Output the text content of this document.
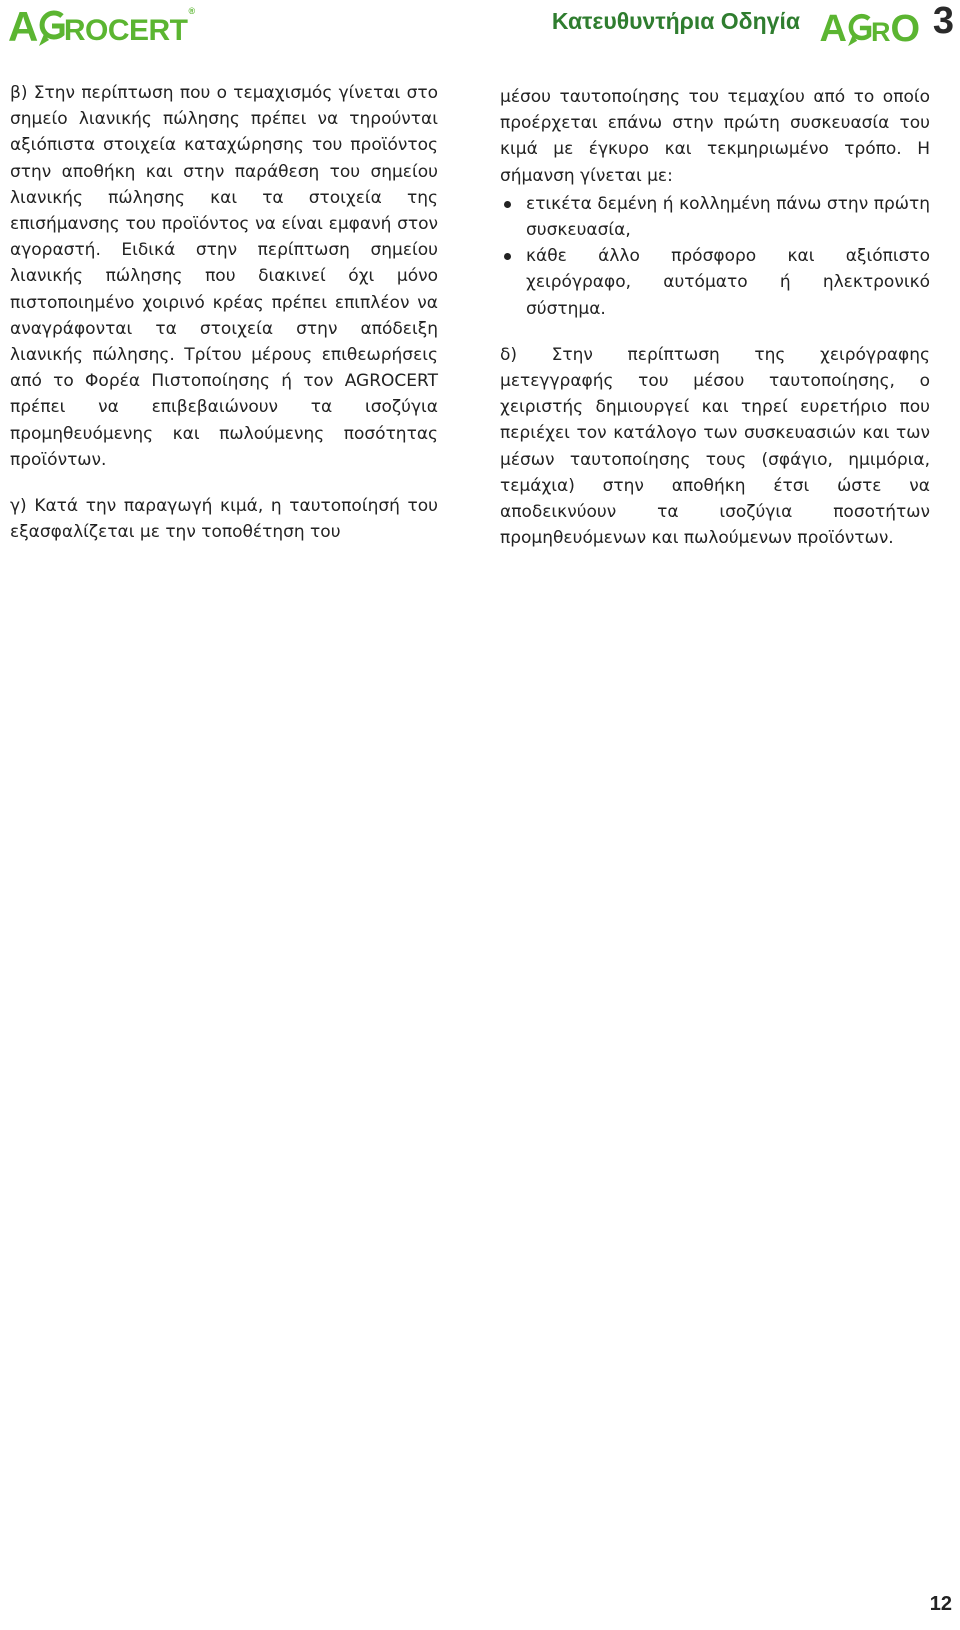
A ROCERT
®	Κατευθυντήρια Οδηγία A R O 3

β) Στην περίπτωση που ο τεμαχισμός γίνεται στο σημείο λιανικής πώλησης πρέπει να τηρούνται αξιόπιστα στοιχεία καταχώρησης του προϊόντος στην αποθήκη και στην παράθεση του σημείου λιανικής πώλησης και τα στοιχεία της επισήμανσης του προϊόντος να είναι εμφανή στον αγοραστή. Ειδικά στην περίπτωση σημείου λιανικής πώλησης που διακινεί όχι μόνο πιστοποιημένο χοιρινό κρέας πρέπει επιπλέον να αναγράφονται τα στοιχεία στην απόδειξη λιανικής πώλησης. Τρίτου μέρους επιθεωρήσεις από το Φορέα Πιστοποίησης ή τον AGROCERT πρέπει να επιβεβαιώνουν τα ισοζύγια προμηθευόμενης και πωλούμενης ποσότητας προϊόντων.

γ) Κατά την παραγωγή κιμά, η ταυτοποίησή του εξασφαλίζεται με την τοποθέτηση του

μέσου ταυτοποίησης του τεμαχίου από το οποίο προέρχεται επάνω στην πρώτη συσκευασία του κιμά με έγκυρο και τεκμηριωμένο τρόπο. Η σήμανση γίνεται με:

ετικέτα δεμένη ή κολλημένη πάνω στην πρώτη συσκευασία,
κάθε άλλο πρόσφορο και αξιόπιστο χειρόγραφο, αυτόματο ή ηλεκτρονικό σύστημα.

δ) Στην περίπτωση της χειρόγραφης μετεγγραφής του μέσου ταυτοποίησης, ο χειριστής δημιουργεί και τηρεί ευρετήριο που περιέχει τον κατάλογο των συσκευασιών και των μέσων ταυτοποίησης τους (σφάγιο, ημιμόρια, τεμάχια) στην αποθήκη έτσι ώστε να αποδεικνύουν τα ισοζύγια ποσοτήτων προμηθευόμενων και πωλούμενων προϊόντων.

12
